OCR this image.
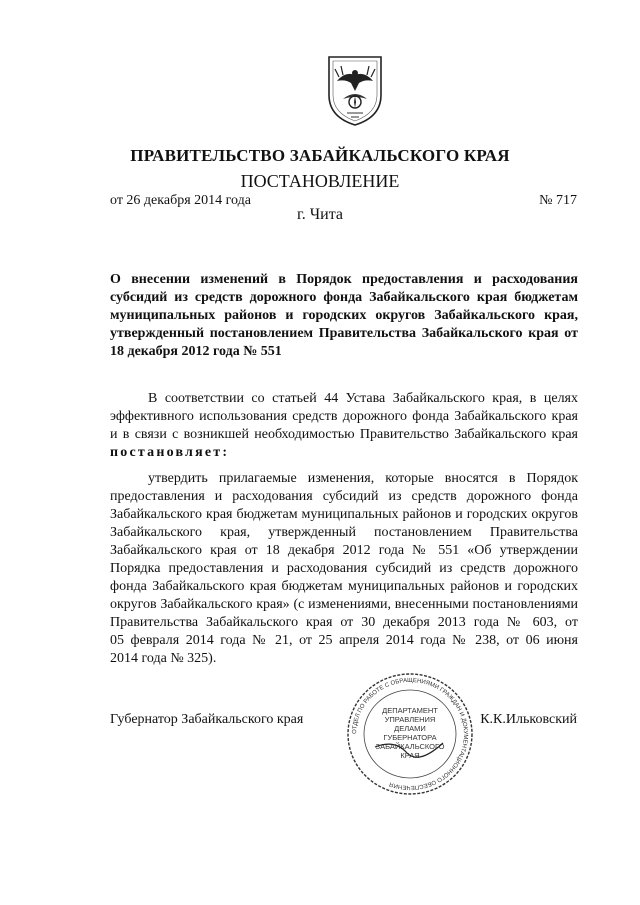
ПРАВИТЕЛЬСТВО ЗАБАЙКАЛЬСКОГО КРАЯ
ПОСТАНОВЛЕНИЕ
от 26 декабря 2014 года	№ 717
г. Чита
О внесении изменений в Порядок предоставления и расходования
субсидий из средств дорожного фонда Забайкальского края бюджетам
муниципальных районов и городских округов Забайкальского края,
утвержденный постановлением Правительства Забайкальского края от
18 декабря 2012 года № 551
В соответствии со статьей 44 Устава Забайкальского края, в целях
эффективного использования средств дорожного фонда Забайкальского края
и в связи с возникшей необходимостью Правительство Забайкальского края
постановляет:
утвердить прилагаемые изменения, которые вносятся в Порядок
предоставления и расходования субсидий из средств дорожного фонда
Забайкальского края бюджетам муниципальных районов и городских округов
Забайкальского края, утвержденный постановлением Правительства
Забайкальского края от 18 декабря 2012 года № 551 «Об утверждении
Порядка предоставления и расходования субсидий из средств дорожного
фонда Забайкальского края бюджетам муниципальных районов и городских
округов Забайкальского края» (с изменениями, внесенными постановлениями
Правительства Забайкальского края от 30 декабря 2013 года № 603, от
05 февраля 2014 года № 21, от 25 апреля 2014 года № 238, от 06 июня
2014 года № 325).
ОТДЕЛ ПО РАБОТЕ С ОБРАЩЕНИЯМИ ГРАЖДАН И ДОКУМЕНТАЦИОННОГО ОБЕСПЕЧЕНИЯ
ДЕПАРТАМЕНТ
УПРАВЛЕНИЯ
ДЕЛАМИ
ГУБЕРНАТОРА
ЗАБАЙКАЛЬСКОГО
КРАЯ
Губернатор Забайкальского края	К.К.Ильковский
